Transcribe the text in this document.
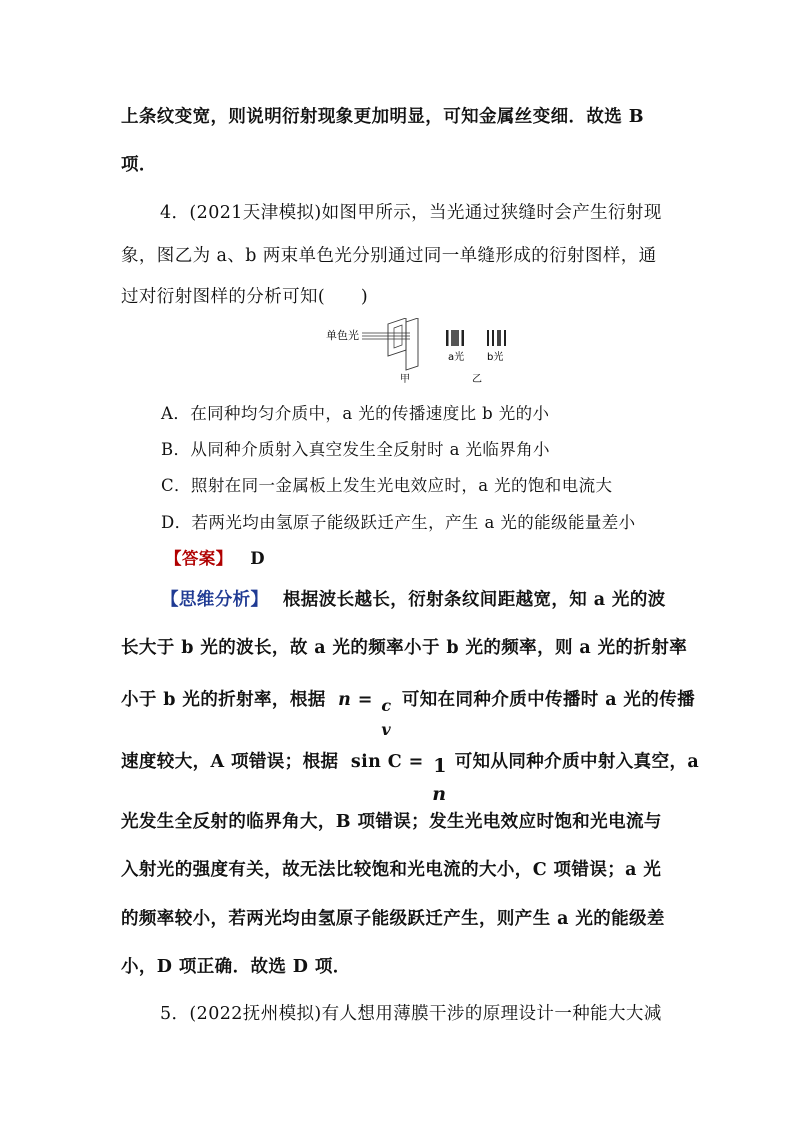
上条纹变宽，则说明衍射现象更加明显，可知金属丝变细．故选 B
项．
4．(2021天津模拟)如图甲所示，当光通过狭缝时会产生衍射现
象，图乙为 a、b 两束单色光分别通过同一单缝形成的衍射图样，通
过对衍射图样的分析可知(　　)
单色光
a光 b光
甲	乙
A．在同种均匀介质中，a 光的传播速度比 b 光的小
B．从同种介质射入真空发生全反射时 a 光临界角小
C．照射在同一金属板上发生光电效应时，a 光的饱和电流大
D．若两光均由氢原子能级跃迁产生，产生 a 光的能级能量差小
【答案】 D
【思维分析】 根据波长越长，衍射条纹间距越宽，知 a 光的波
长大于 b 光的波长，故 a 光的频率小于 b 光的频率，则 a 光的折射率
小于 b 光的折射率，根据 n = c
v
可知在同种介质中传播时 a 光的传播
速度较大，A 项错误；根据 sin C = 1
n
可知从同种介质中射入真空，a
光发生全反射的临界角大，B 项错误；发生光电效应时饱和光电流与
入射光的强度有关，故无法比较饱和光电流的大小，C 项错误；a 光
的频率较小，若两光均由氢原子能级跃迁产生，则产生 a 光的能级差
小，D 项正确．故选 D 项．
5．(2022抚州模拟)有人想用薄膜干涉的原理设计一种能大大减
